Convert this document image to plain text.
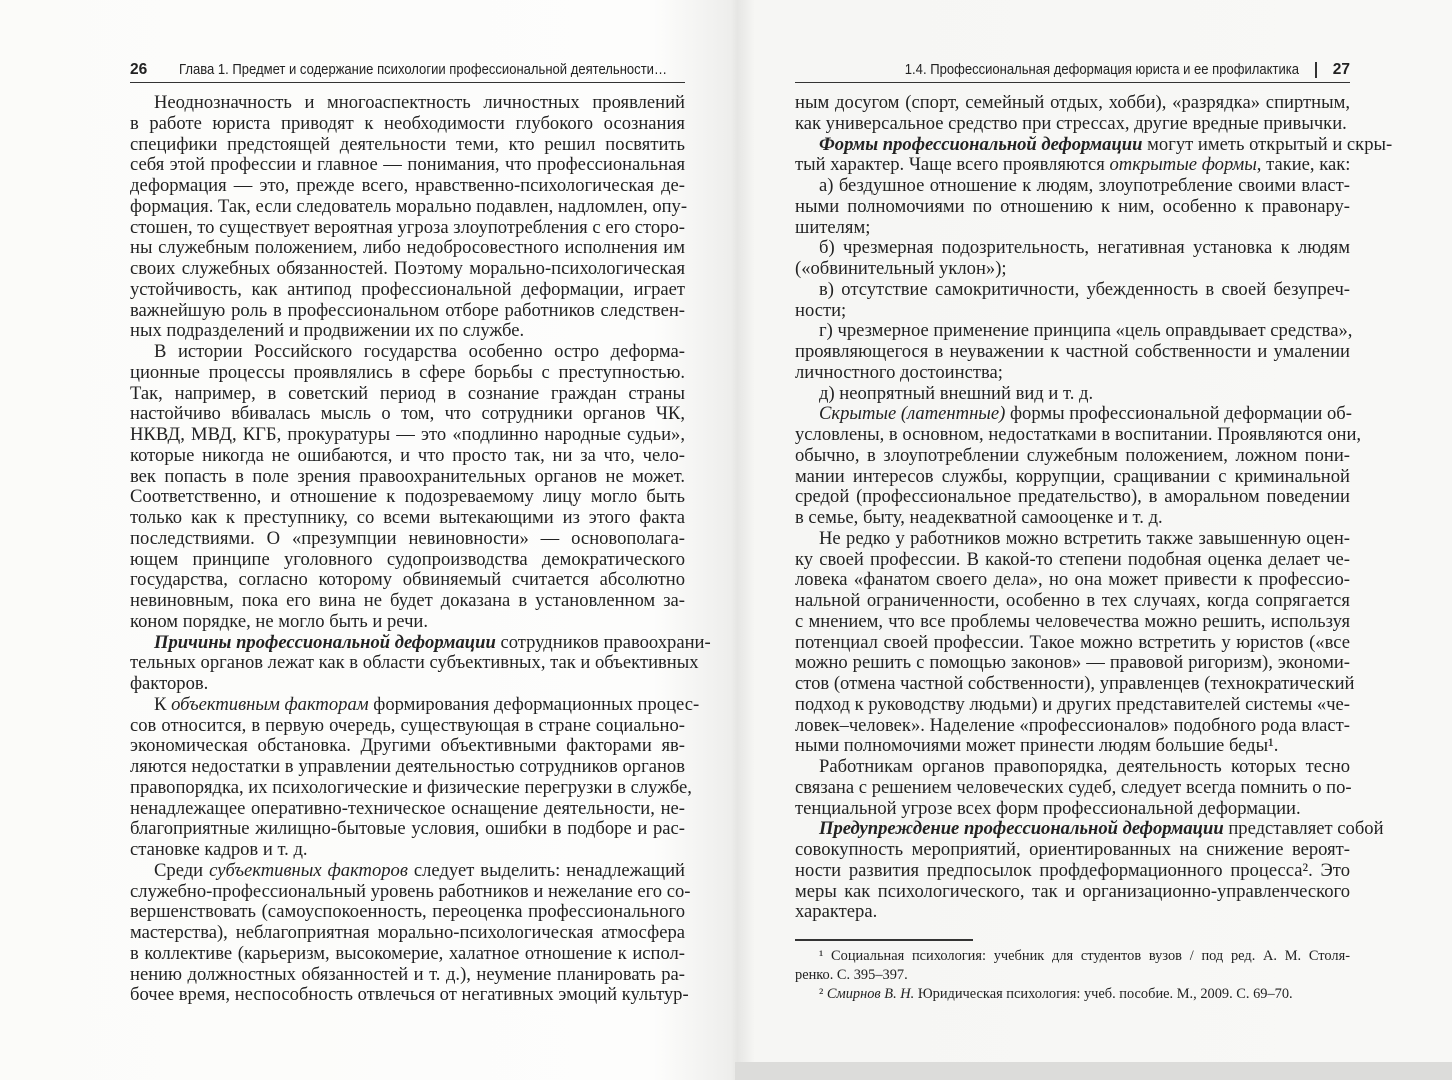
26 Глава 1. Предмет и содержание психологии профессиональной деятельности…
Неоднозначность и многоаспектность личностных проявлений
в работе юриста приводят к необходимости глубокого осознания
специфики предстоящей деятельности теми, кто решил посвятить
себя этой профессии и главное — понимания, что профессиональная
деформация — это, прежде всего, нравственно-психологическая де-
формация. Так, если следователь морально подавлен, надломлен, опу-
стошен, то существует вероятная угроза злоупотребления с его сторо-
ны служебным положением, либо недобросовестного исполнения им
своих служебных обязанностей. Поэтому морально-психологическая
устойчивость, как антипод профессиональной деформации, играет
важнейшую роль в профессиональном отборе работников следствен-
ных подразделений и продвижении их по службе.
В истории Российского государства особенно остро деформа-
ционные процессы проявлялись в сфере борьбы с преступностью.
Так, например, в советский период в сознание граждан страны
настойчиво вбивалась мысль о том, что сотрудники органов ЧК,
НКВД, МВД, КГБ, прокуратуры — это «подлинно народные судьи»,
которые никогда не ошибаются, и что просто так, ни за что, чело-
век попасть в поле зрения правоохранительных органов не может.
Соответственно, и отношение к подозреваемому лицу могло быть
только как к преступнику, со всеми вытекающими из этого факта
последствиями. О «презумпции невиновности» — основополага-
ющем принципе уголовного судопроизводства демократического
государства, согласно которому обвиняемый считается абсолютно
невиновным, пока его вина не будет доказана в установленном за-
коном порядке, не могло быть и речи.
Причины профессиональной деформации сотрудников правоохрани-
тельных органов лежат как в области субъективных, так и объективных
факторов.
К объективным факторам формирования деформационных процес-
сов относится, в первую очередь, существующая в стране социально-
экономическая обстановка. Другими объективными факторами яв-
ляются недостатки в управлении деятельностью сотрудников органов
правопорядка, их психологические и физические перегрузки в службе,
ненадлежащее оперативно-техническое оснащение деятельности, не-
благоприятные жилищно-бытовые условия, ошибки в подборе и рас-
становке кадров и т. д.
Среди субъективных факторов следует выделить: ненадлежащий
служебно-профессиональный уровень работников и нежелание его со-
вершенствовать (самоуспокоенность, переоценка профессионального
мастерства), неблагоприятная морально-психологическая атмосфера
в коллективе (карьеризм, высокомерие, халатное отношение к испол-
нению должностных обязанностей и т. д.), неумение планировать ра-
бочее время, неспособность отвлечься от негативных эмоций культур-
1.4. Профессиональная деформация юриста и ее профилактика 27
ным досугом (спорт, семейный отдых, хобби), «разрядка» спиртным,
как универсальное средство при стрессах, другие вредные привычки.
Формы профессиональной деформации могут иметь открытый и скры-
тый характер. Чаще всего проявляются открытые формы, такие, как:
а) бездушное отношение к людям, злоупотребление своими власт-
ными полномочиями по отношению к ним, особенно к правонару-
шителям;
б) чрезмерная подозрительность, негативная установка к людям
(«обвинительный уклон»);
в) отсутствие самокритичности, убежденность в своей безупреч-
ности;
г) чрезмерное применение принципа «цель оправдывает средства»,
проявляющегося в неуважении к частной собственности и умалении
личностного достоинства;
д) неопрятный внешний вид и т. д.
Скрытые (латентные) формы профессиональной деформации об-
условлены, в основном, недостатками в воспитании. Проявляются они,
обычно, в злоупотреблении служебным положением, ложном пони-
мании интересов службы, коррупции, сращивании с криминальной
средой (профессиональное предательство), в аморальном поведении
в семье, быту, неадекватной самооценке и т. д.
Не редко у работников можно встретить также завышенную оцен-
ку своей профессии. В какой-то степени подобная оценка делает че-
ловека «фанатом своего дела», но она может привести к профессио-
нальной ограниченности, особенно в тех случаях, когда сопрягается
с мнением, что все проблемы человечества можно решить, используя
потенциал своей профессии. Такое можно встретить у юристов («все
можно решить с помощью законов» — правовой ригоризм), экономи-
стов (отмена частной собственности), управленцев (технократический
подход к руководству людьми) и других представителей системы «че-
ловек–человек». Наделение «профессионалов» подобного рода власт-
ными полномочиями может принести людям большие беды¹.
Работникам органов правопорядка, деятельность которых тесно
связана с решением человеческих судеб, следует всегда помнить о по-
тенциальной угрозе всех форм профессиональной деформации.
Предупреждение профессиональной деформации представляет собой
совокупность мероприятий, ориентированных на снижение вероят-
ности развития предпосылок профдеформационного процесса². Это
меры как психологического, так и организационно-управленческого
характера.
¹ Социальная психология: учебник для студентов вузов / под ред. А. М. Столя-
ренко. С. 395–397.
² Смирнов В. Н. Юридическая психология: учеб. пособие. М., 2009. С. 69–70.
